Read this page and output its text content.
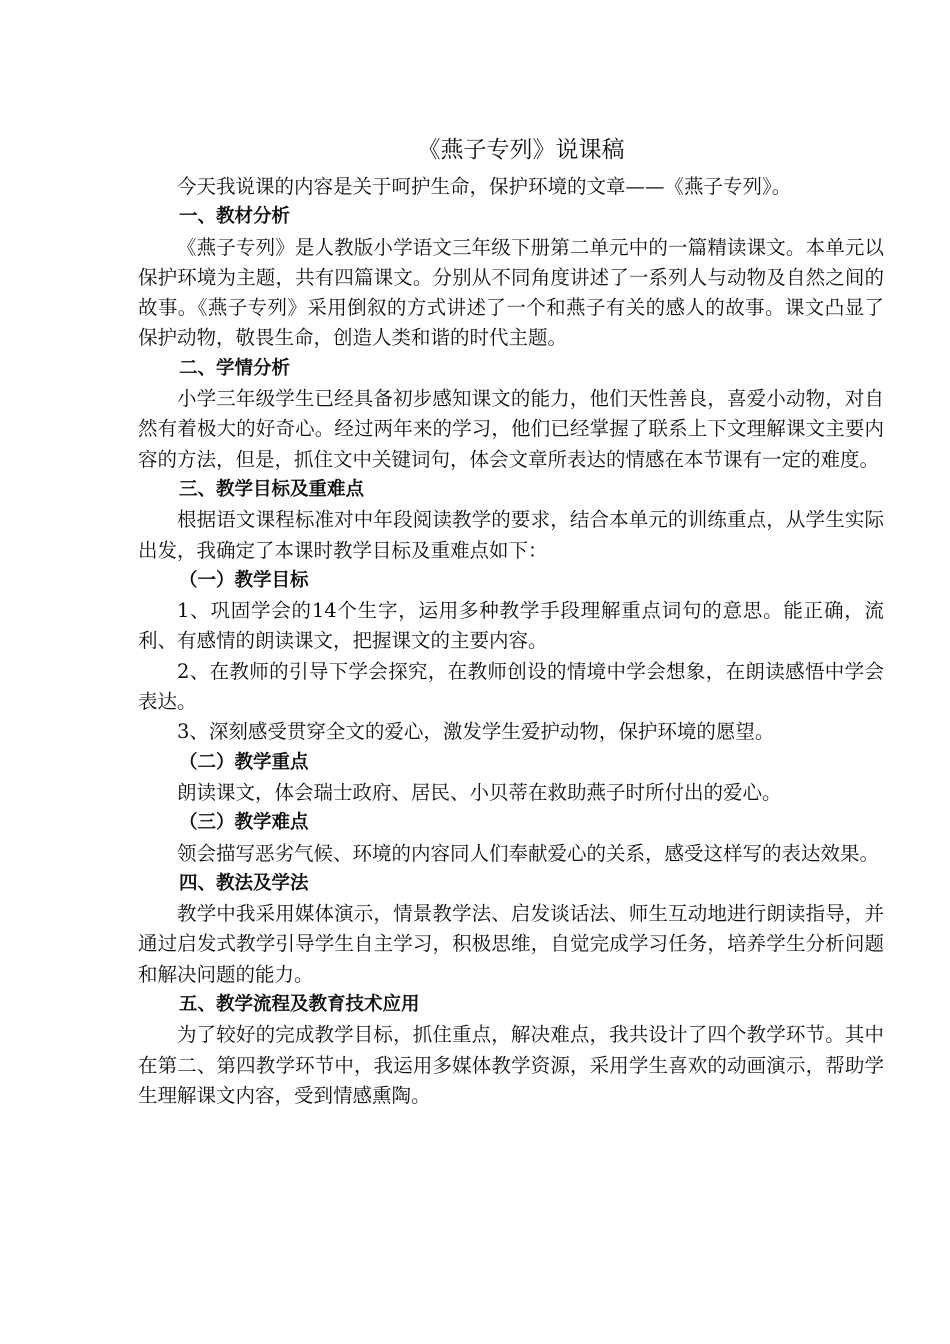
《燕子专列》说课稿

今天我说课的内容是关于呵护生命，保护环境的文章——《燕子专列》。

一、教材分析

《燕子专列》是人教版小学语文三年级下册第二单元中的一篇精读课文。本单元以保护环境为主题，共有四篇课文。分别从不同角度讲述了一系列人与动物及自然之间的故事。《燕子专列》采用倒叙的方式讲述了一个和燕子有关的感人的故事。课文凸显了保护动物，敬畏生命，创造人类和谐的时代主题。

二、学情分析

小学三年级学生已经具备初步感知课文的能力，他们天性善良，喜爱小动物，对自然有着极大的好奇心。经过两年来的学习，他们已经掌握了联系上下文理解课文主要内容的方法，但是，抓住文中关键词句，体会文章所表达的情感在本节课有一定的难度。

三、教学目标及重难点

根据语文课程标准对中年段阅读教学的要求，结合本单元的训练重点，从学生实际出发，我确定了本课时教学目标及重难点如下：

（一）教学目标

1、巩固学会的14个生字，运用多种教学手段理解重点词句的意思。能正确，流利、有感情的朗读课文，把握课文的主要内容。

2、在教师的引导下学会探究，在教师创设的情境中学会想象，在朗读感悟中学会表达。

3、深刻感受贯穿全文的爱心，激发学生爱护动物，保护环境的愿望。

（二）教学重点

朗读课文，体会瑞士政府、居民、小贝蒂在救助燕子时所付出的爱心。

（三）教学难点

领会描写恶劣气候、环境的内容同人们奉献爱心的关系，感受这样写的表达效果。

四、教法及学法

教学中我采用媒体演示，情景教学法、启发谈话法、师生互动地进行朗读指导，并通过启发式教学引导学生自主学习，积极思维，自觉完成学习任务，培养学生分析问题和解决问题的能力。

五、教学流程及教育技术应用

为了较好的完成教学目标，抓住重点，解决难点，我共设计了四个教学环节。其中在第二、第四教学环节中，我运用多媒体教学资源，采用学生喜欢的动画演示，帮助学生理解课文内容，受到情感熏陶。
